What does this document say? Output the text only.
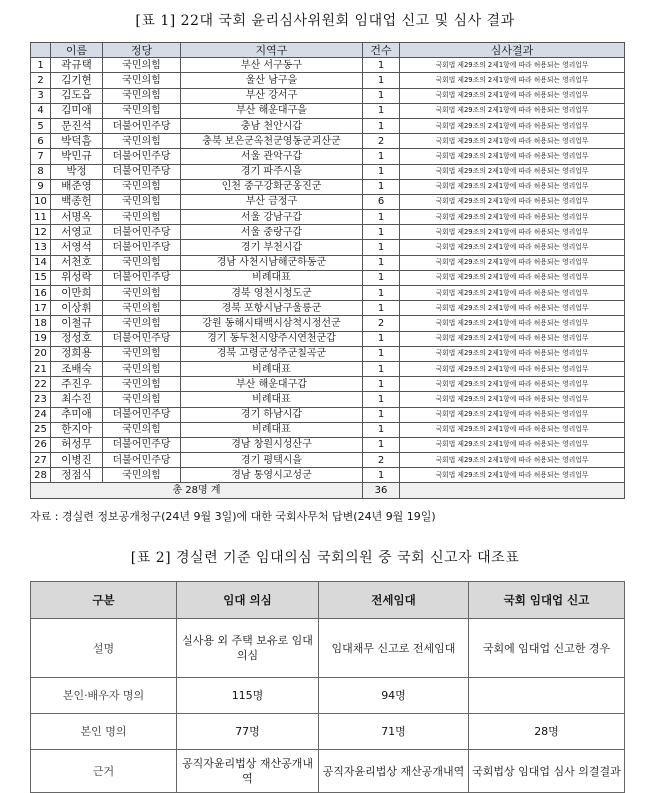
[표 1] 22대 국회 윤리심사위원회 임대업 신고 및 심사 결과
	이름	정당	지역구	건수	심사결과
1	곽규택	국민의힘	부산 서구동구	1	국회법 제29조의 2제1항에 따라 허용되는 영리업무
2	김기현	국민의힘	울산 남구을	1	국회법 제29조의 2제1항에 따라 허용되는 영리업무
3	김도읍	국민의힘	부산 강서구	1	국회법 제29조의 2제1항에 따라 허용되는 영리업무
4	김미애	국민의힘	부산 해운대구을	1	국회법 제29조의 2제1항에 따라 허용되는 영리업무
5	문진석	더불어민주당	충남 천안시갑	1	국회법 제29조의 2제1항에 따라 허용되는 영리업무
6	박덕흠	국민의힘	충북 보은군옥천군영동군괴산군	2	국회법 제29조의 2제1항에 따라 허용되는 영리업무
7	박민규	더불어민주당	서울 관악구갑	1	국회법 제29조의 2제1항에 따라 허용되는 영리업무
8	박정	더불어민주당	경기 파주시을	1	국회법 제29조의 2제1항에 따라 허용되는 영리업무
9	배준영	국민의힘	인천 중구강화군옹진군	1	국회법 제29조의 2제1항에 따라 허용되는 영리업무
10	백종헌	국민의힘	부산 금정구	6	국회법 제29조의 2제1항에 따라 허용되는 영리업무
11	서명옥	국민의힘	서울 강남구갑	1	국회법 제29조의 2제1항에 따라 허용되는 영리업무
12	서영교	더불어민주당	서울 중랑구갑	1	국회법 제29조의 2제1항에 따라 허용되는 영리업무
13	서영석	더불어민주당	경기 부천시갑	1	국회법 제29조의 2제1항에 따라 허용되는 영리업무
14	서천호	국민의힘	경남 사천시남해군하동군	1	국회법 제29조의 2제1항에 따라 허용되는 영리업무
15	위성락	더불어민주당	비례대표	1	국회법 제29조의 2제1항에 따라 허용되는 영리업무
16	이만희	국민의힘	경북 영천시청도군	1	국회법 제29조의 2제1항에 따라 허용되는 영리업무
17	이상휘	국민의힘	경북 포항시남구울릉군	1	국회법 제29조의 2제1항에 따라 허용되는 영리업무
18	이철규	국민의힘	강원 동해시태백시삼척시정선군	2	국회법 제29조의 2제1항에 따라 허용되는 영리업무
19	정성호	더불어민주당	경기 동두천시양주시연천군갑	1	국회법 제29조의 2제1항에 따라 허용되는 영리업무
20	정희용	국민의힘	경북 고령군성주군칠곡군	1	국회법 제29조의 2제1항에 따라 허용되는 영리업무
21	조배숙	국민의힘	비례대표	1	국회법 제29조의 2제1항에 따라 허용되는 영리업무
22	주진우	국민의힘	부산 해운대구갑	1	국회법 제29조의 2제1항에 따라 허용되는 영리업무
23	최수진	국민의힘	비례대표	1	국회법 제29조의 2제1항에 따라 허용되는 영리업무
24	추미애	더불어민주당	경기 하남시갑	1	국회법 제29조의 2제1항에 따라 허용되는 영리업무
25	한지아	국민의힘	비례대표	1	국회법 제29조의 2제1항에 따라 허용되는 영리업무
26	허성무	더불어민주당	경남 창원시성산구	1	국회법 제29조의 2제1항에 따라 허용되는 영리업무
27	이병진	더불어민주당	경기 평택시을	2	국회법 제29조의 2제1항에 따라 허용되는 영리업무
28	정점식	국민의힘	경남 통영시고성군	1	국회법 제29조의 2제1항에 따라 허용되는 영리업무
총 28명 계				36	
자료 : 경실련 정보공개청구(24년 9월 3일)에 대한 국회사무처 답변(24년 9월 19일)
[표 2] 경실련 기준 임대의심 국회의원 중 국회 신고자 대조표
구분	임대 의심	전세임대	국회 임대업 신고
설명	실사용 외 주택 보유로 임대 의심	임대채무 신고로 전세임대	국회에 임대업 신고한 경우
본인·배우자 명의	115명	94명	
본인 명의	77명	71명	28명
근거	공직자윤리법상 재산공개내역	공직자윤리법상 재산공개내역	국회법상 임대업 심사 의결결과
